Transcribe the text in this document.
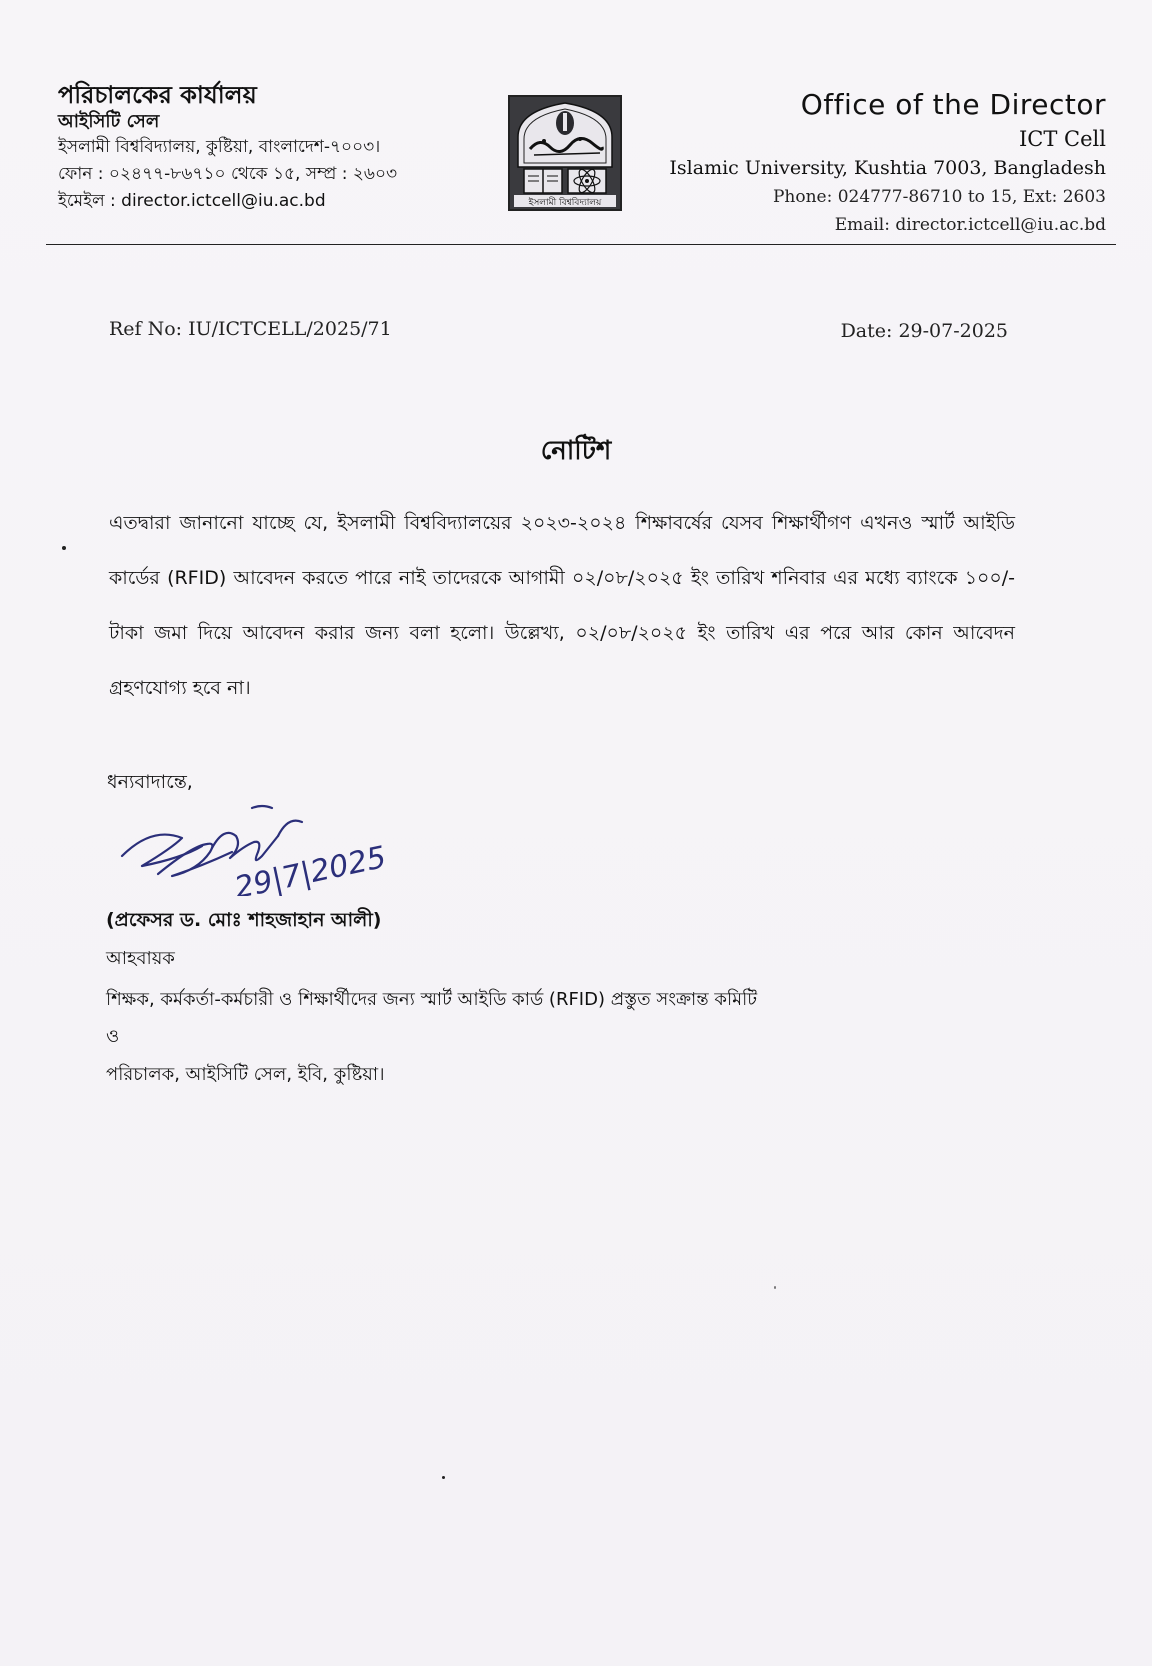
পরিচালকের কার্যালয়
আইসিটি সেল
ইসলামী বিশ্ববিদ্যালয়, কুষ্টিয়া, বাংলাদেশ-৭০০৩।
ফোন : ০২৪৭৭-৮৬৭১০ থেকে ১৫, সম্প্র : ২৬০৩
ইমেইল : director.ictcell@iu.ac.bd	ইসলামী বিশ্ববিদ্যালয়
Office of the Director
ICT Cell
Islamic University, Kushtia 7003, Bangladesh
Phone: 024777-86710 to 15, Ext: 2603
Email: director.ictcell@iu.ac.bd
Ref No: IU/ICTCELL/2025/71	Date: 29-07-2025
নোটিশ
এতদ্বারা জানানো যাচ্ছে যে, ইসলামী বিশ্ববিদ্যালয়ের ২০২৩-২০২৪ শিক্ষাবর্ষের যেসব শিক্ষার্থীগণ এখনও স্মার্ট আইডি কার্ডের (RFID) আবেদন করতে পারে নাই তাদেরকে আগামী ০২/০৮/২০২৫ ইং তারিখ শনিবার এর মধ্যে ব্যাংকে ১০০/- টাকা জমা দিয়ে আবেদন করার জন্য বলা হলো। উল্লেখ্য, ০২/০৮/২০২৫ ইং তারিখ এর পরে আর কোন আবেদন গ্রহণযোগ্য হবে না।
ধন্যবাদান্তে,
29|7|2025
(প্রফেসর ড. মোঃ শাহজাহান আলী)
আহবায়ক
শিক্ষক, কর্মকর্তা-কর্মচারী ও শিক্ষার্থীদের জন্য স্মার্ট আইডি কার্ড (RFID) প্রস্তুত সংক্রান্ত কমিটি
ও
পরিচালক, আইসিটি সেল, ইবি, কুষ্টিয়া।
